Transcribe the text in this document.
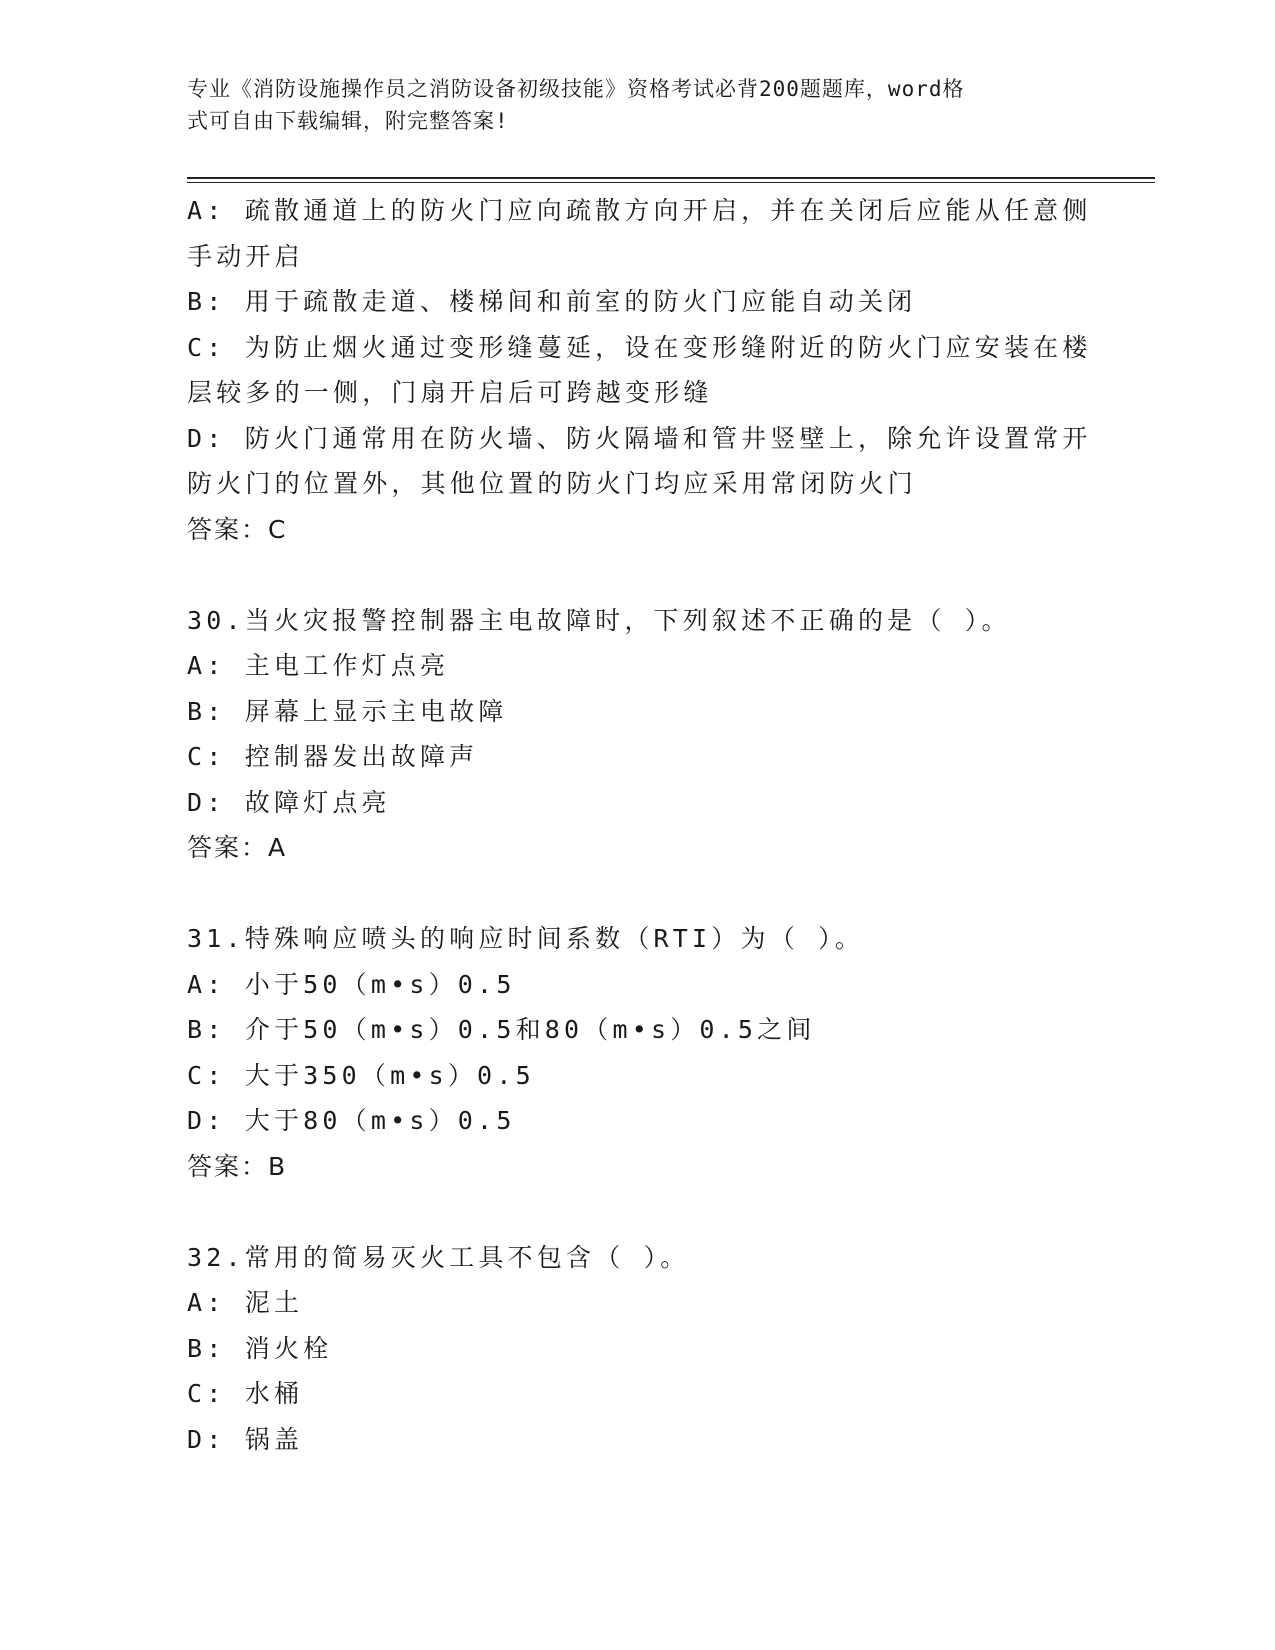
专业《消防设施操作员之消防设备初级技能》资格考试必背200题题库，word格
式可自由下载编辑，附完整答案!
A: 疏散通道上的防火门应向疏散方向开启，并在关闭后应能从任意侧
手动开启
B: 用于疏散走道、楼梯间和前室的防火门应能自动关闭
C: 为防止烟火通过变形缝蔓延，设在变形缝附近的防火门应安装在楼
层较多的一侧，门扇开启后可跨越变形缝
D: 防火门通常用在防火墙、防火隔墙和管井竖壁上，除允许设置常开
防火门的位置外，其他位置的防火门均应采用常闭防火门
答案：C
30.当火灾报警控制器主电故障时，下列叙述不正确的是（ ）。
A: 主电工作灯点亮
B: 屏幕上显示主电故障
C: 控制器发出故障声
D: 故障灯点亮
答案：A
31.特殊响应喷头的响应时间系数（RTI）为（ ）。
A: 小于50（m•s）0.5
B: 介于50（m•s）0.5和80（m•s）0.5之间
C: 大于350（m•s）0.5
D: 大于80（m•s）0.5
答案：B
32.常用的简易灭火工具不包含（ ）。
A: 泥土
B: 消火栓
C: 水桶
D: 锅盖
